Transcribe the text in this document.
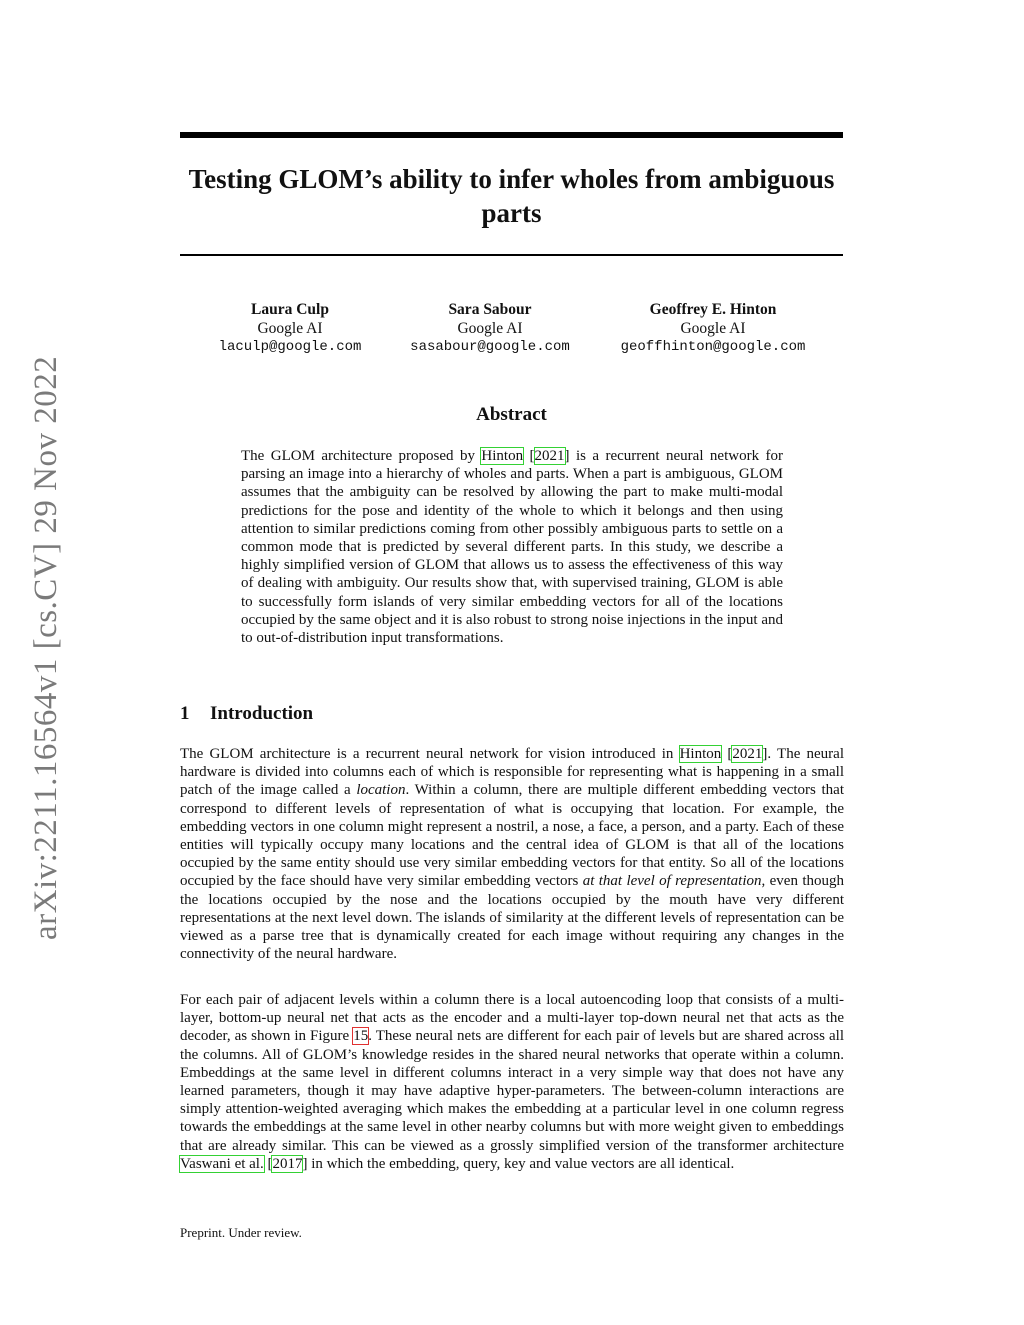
arXiv:2211.16564v1 [cs.CV] 29 Nov 2022
Testing GLOM’s ability to infer wholes from ambiguous parts
Laura Culp
Google AI
laculp@google.com
Sara Sabour
Google AI
sasabour@google.com
Geoffrey E. Hinton
Google AI
geoffhinton@google.com
Abstract
The GLOM architecture proposed by Hinton [2021] is a recurrent neural network for parsing an image into a hierarchy of wholes and parts. When a part is ambiguous, GLOM assumes that the ambiguity can be resolved by allowing the part to make multi-modal predictions for the pose and identity of the whole to which it belongs and then using attention to similar predictions coming from other possibly ambiguous parts to settle on a common mode that is predicted by several different parts. In this study, we describe a highly simplified version of GLOM that allows us to assess the effectiveness of this way of dealing with ambiguity. Our results show that, with supervised training, GLOM is able to successfully form islands of very similar embedding vectors for all of the locations occupied by the same object and it is also robust to strong noise injections in the input and to out-of-distribution input transformations.
1 Introduction

The GLOM architecture is a recurrent neural network for vision introduced in Hinton [2021]. The neural hardware is divided into columns each of which is responsible for representing what is happening in a small patch of the image called a location. Within a column, there are multiple different embedding vectors that correspond to different levels of representation of what is occupying that location. For example, the embedding vectors in one column might represent a nostril, a nose, a face, a person, and a party. Each of these entities will typically occupy many locations and the central idea of GLOM is that all of the locations occupied by the same entity should use very similar embedding vectors for that entity. So all of the locations occupied by the face should have very similar embedding vectors at that level of representation, even though the locations occupied by the nose and the locations occupied by the mouth have very different representations at the next level down. The islands of similarity at the different levels of representation can be viewed as a parse tree that is dynamically created for each image without requiring any changes in the connectivity of the neural hardware.

For each pair of adjacent levels within a column there is a local autoencoding loop that consists of a multi-layer, bottom-up neural net that acts as the encoder and a multi-layer top-down neural net that acts as the decoder, as shown in Figure 15. These neural nets are different for each pair of levels but are shared across all the columns. All of GLOM’s knowledge resides in the shared neural networks that operate within a column. Embeddings at the same level in different columns interact in a very simple way that does not have any learned parameters, though it may have adaptive hyper-parameters. The between-column interactions are simply attention-weighted averaging which makes the embedding at a particular level in one column regress towards the embeddings at the same level in other nearby columns but with more weight given to embeddings that are already similar. This can be viewed as a grossly simplified version of the transformer architecture Vaswani et al. [2017] in which the embedding, query, key and value vectors are all identical.

Preprint. Under review.
